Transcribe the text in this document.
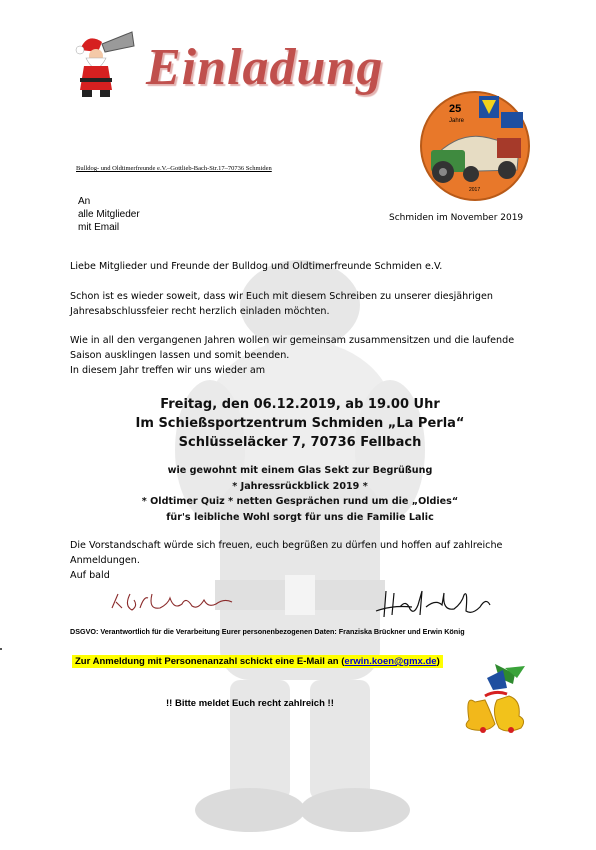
Einladung
25
Jahre
2017
Bulldog- und Oldtimerfreunde e.V.–Gottlieb-Bach-Str.17–70736 Schmiden
An
alle Mitglieder
mit Email
Schmiden im November 2019
Liebe Mitglieder und Freunde der Bulldog und Oldtimerfreunde Schmiden e.V.
Schon ist es wieder soweit, dass wir Euch mit diesem Schreiben zu unserer diesjährigen
Jahresabschlussfeier recht herzlich einladen möchten.
Wie in all den vergangenen Jahren wollen wir gemeinsam zusammensitzen und die laufende
Saison ausklingen lassen und somit beenden.
In diesem Jahr treffen wir uns wieder am
Freitag, den 06.12.2019, ab 19.00 Uhr
Im Schießsportzentrum Schmiden „La Perla“
Schlüsseläcker 7, 70736 Fellbach
wie gewohnt mit einem Glas Sekt zur Begrüßung
* Jahressrückblick 2019 *
* Oldtimer Quiz * netten Gesprächen rund um die „Oldies“
für's leibliche Wohl sorgt für uns die Familie Lalic
Die Vorstandschaft würde sich freuen, euch begrüßen zu dürfen und hoffen auf zahlreiche
Anmeldungen.
Auf bald
DSGVO: Verantwortlich für die Verarbeitung Eurer personenbezogenen Daten: Franziska Brückner und Erwin König
Zur Anmeldung mit Personenanzahl schickt eine E-Mail an (erwin.koen@gmx.de)
!! Bitte meldet Euch recht zahlreich !!
